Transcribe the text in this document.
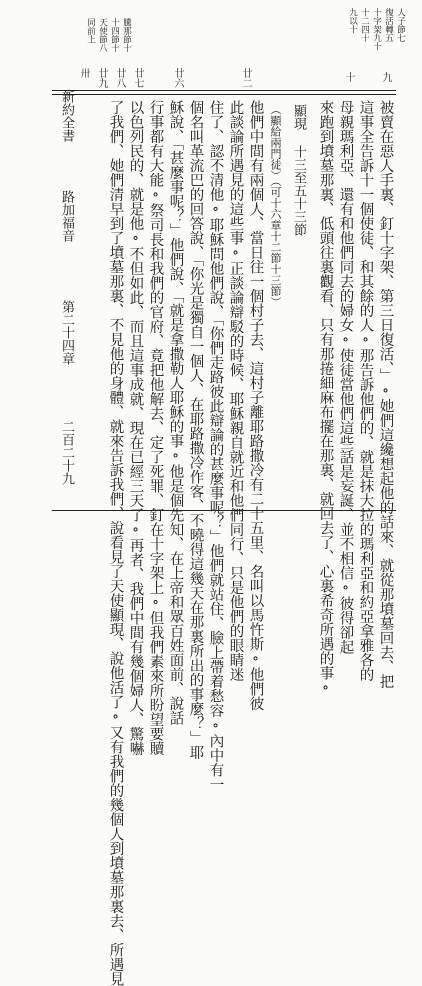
人子節七
復活轉五
十字架九十
十二四十
九以十
騰那節十
十四節十
天使節八
同前上
九
十
廿二
廿六
廿七
廿八
廿九
卅
被賣在惡人手裏、釘十字架、第三日復活、」∘她們這纔想起他的話來、就從那墳墓回去、把
這事全告訴十一個使徒、和其餘的人∘那告訴他們的、就是抹大拉的瑪利亞和約亞拿雅各的
母親瑪利亞、還有和他們同去的婦女∘使徒當他們這些話是妄誕、並不相信∘彼得卻起
來跑到墳墓那裏、低頭往裏觀看、只有那捲細麻布擺在那裏、就回去了、心裏希奇所遇的事∘
顯現 十三至五十三節
（顯給兩門徒）（可十六章十二節十三節）
他們中間有兩個人、當日往一個村子去、這村子離耶路撒冷有二十五里、名叫以馬忤斯∘他們彼
此談論所遇見的這些事∘正談論辯駁的時候、耶穌親自就近和他們同行、只是他們的眼睛迷
住了、認不清他∘耶穌問他們說、「你們走路彼此辯論的甚麼事呢？」他們就站住、臉上帶着愁容∘內中有一
個名叫革流巴的回答說、「你光是獨自一個人、在耶路撒冷作客、不曉得這幾天在那裏所出的事麼？」耶
穌說、「甚麼事呢？」他們說、「就是拿撒勒人耶穌的事∘他是個先知、在上帝和眾百姓面前、說話
行事都有大能∘祭司長和我們的官府、竟把他解去、定了死罪、釘在十字架上∘但我們素來所盼望要贖
以色列民的、就是他∘不但如此、而且這事成就、現在已經三天了∘再者、我們中間有幾個婦人、驚嚇
了我們、她們清早到了墳墓那裏、不見他的身體、就來告訴我們、說看見了天使顯現、說他活了∘又有我們的幾個人到墳墓那裏去、所遇見
新約全書
路加福音
第二十四章
二百二十九
